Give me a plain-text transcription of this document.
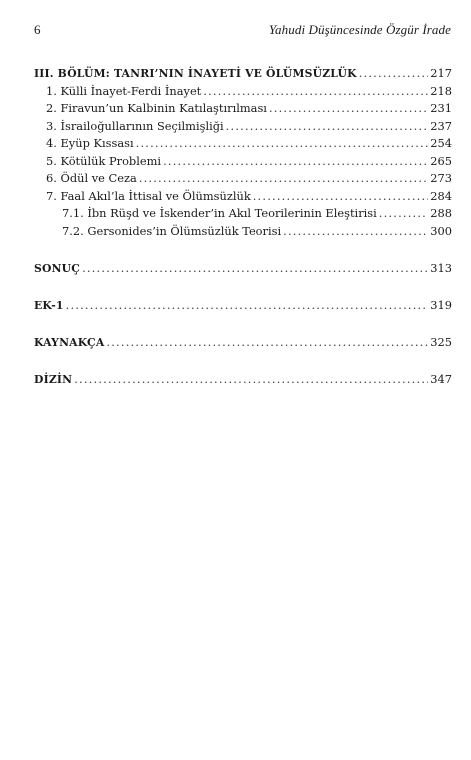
6	Yahudi Düşüncesinde Özgür İrade
III. BÖLÜM: TANRI’NIN İNAYETİ VE ÖLÜMSÜZLÜK .....	217
1. Külli İnayet-Ferdi İnayet .....	218
2. Firavun’un Kalbinin Katılaştırılması .....	231
3. İsrailoğullarının Seçilmişliği .....	237
4. Eyüp Kıssası .....	254
5. Kötülük Problemi .....	265
6. Ödül ve Ceza .....	273
7. Faal Akıl’la İttisal ve Ölümsüzlük .....	284
7.1. İbn Rüşd ve İskender’in Akıl Teorilerinin Eleştirisi .....	288
7.2. Gersonides’in Ölümsüzlük Teorisi .....	300
SONUÇ .....	313
EK-1 .....	319
KAYNAKÇA .....	325
DİZİN .....	347
